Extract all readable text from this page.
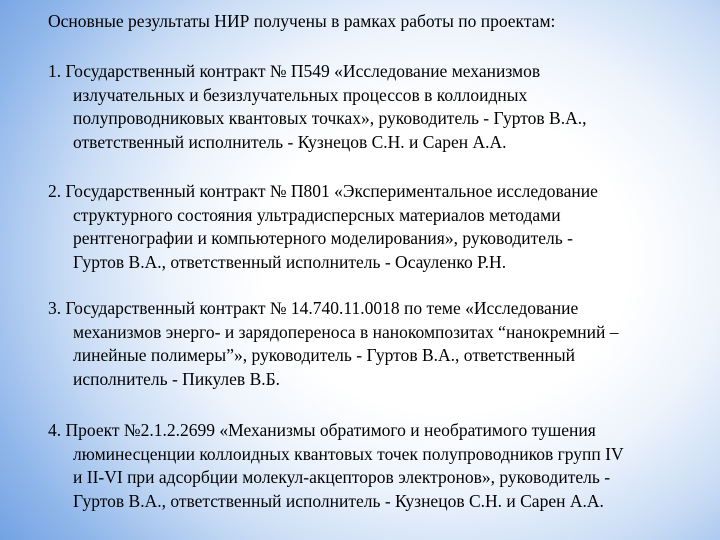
Основные результаты НИР получены в рамках работы по проектам:
1. Государственный контракт № П549 «Исследование механизмов
излучательных и безизлучательных процессов в коллоидных
полупроводниковых квантовых точках», руководитель - Гуртов В.А.,
ответственный исполнитель - Кузнецов С.Н. и Сарен А.А.
2. Государственный контракт № П801 «Экспериментальное исследование
структурного состояния ультрадисперсных материалов методами
рентгенографии и компьютерного моделирования», руководитель -
Гуртов В.А., ответственный исполнитель - Осауленко Р.Н.
3. Государственный контракт № 14.740.11.0018 по теме «Исследование
механизмов энерго- и зарядопереноса в нанокомпозитах “нанокремний –
линейные полимеры”», руководитель - Гуртов В.А., ответственный
исполнитель - Пикулев В.Б.
4. Проект №2.1.2.2699 «Механизмы обратимого и необратимого тушения
люминесценции коллоидных квантовых точек полупроводников групп IV
и II-VI при адсорбции молекул-акцепторов электронов», руководитель -
Гуртов В.А., ответственный исполнитель - Кузнецов С.Н. и Сарен А.А.
